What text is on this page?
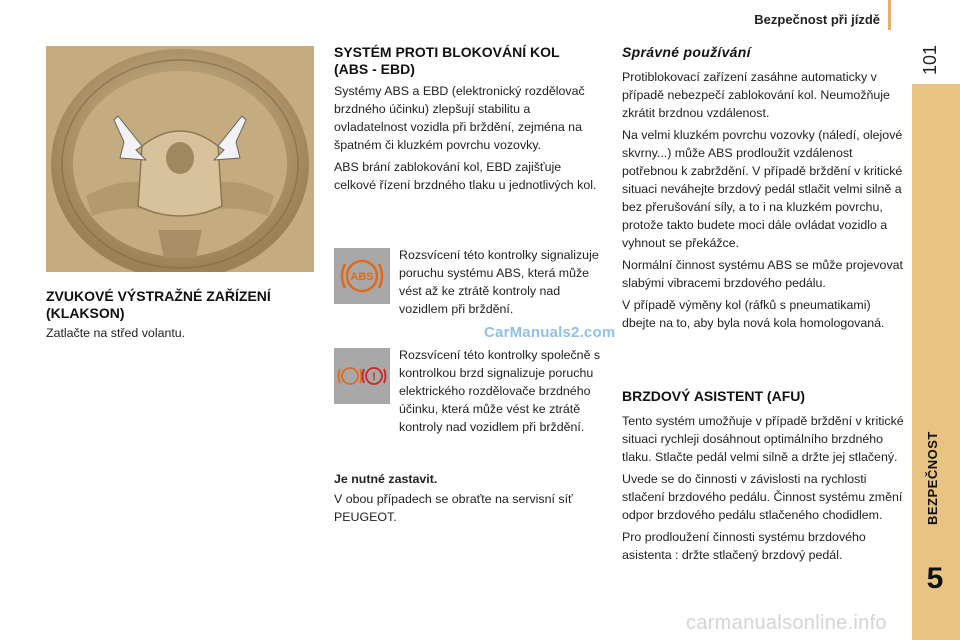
Bezpečnost při jízdě
101
BEZPEČNOST
5
ZVUKOVÉ VÝSTRAŽNÉ ZAŘÍZENÍ (KLAKSON)
Zatlačte na střed volantu.
SYSTÉM PROTI BLOKOVÁNÍ KOL (ABS - EBD)

Systémy ABS a EBD (elektronický rozdělovač brzdného účinku) zlepšují stabilitu a ovladatelnost vozidla při brždění, zejména na špatném či kluzkém povrchu vozovky.

ABS brání zablokování kol, EBD zajišťuje celkové řízení brzdného tlaku u jednotlivých kol.

ABS
Rozsvícení této kontrolky signalizuje poruchu systému ABS, která může vést až ke ztrátě kontroly nad vozidlem při brždění.
CarManuals2.com
!
Rozsvícení této kontrolky společně s kontrolkou brzd signalizuje poruchu elektrického rozdělovače brzdného účinku, která může vést ke ztrátě kontroly nad vozidlem při brždění.
Je nutné zastavit.
V obou případech se obraťte na servisní síť PEUGEOT.
Správné používání

Protiblokovací zařízení zasáhne automaticky v případě nebezpečí zablokování kol. Neumožňuje zkrátit brzdnou vzdálenost.

Na velmi kluzkém povrchu vozovky (náledí, olejové skvrny...) může ABS prodloužit vzdálenost potřebnou k zabrždění. V případě brždění v kritické situaci neváhejte brzdový pedál stlačit velmi silně a bez přerušování síly, a to i na kluzkém povrchu, protože takto budete moci dále ovládat vozidlo a vyhnout se překážce.

Normální činnost systému ABS se může projevovat slabými vibracemi brzdového pedálu.

V případě výměny kol (ráfků s pneumatikami) dbejte na to, aby byla nová kola homologovaná.

BRZDOVÝ ASISTENT (AFU)

Tento systém umožňuje v případě brždění v kritické situaci rychleji dosáhnout optimálního brzdného tlaku. Stlačte pedál velmi silně a držte jej stlačený.

Uvede se do činnosti v závislosti na rychlosti stlačení brzdového pedálu. Činnost systému změní odpor brzdového pedálu stlačeného chodidlem.

Pro prodloužení činnosti systému brzdového asistenta : držte stlačený brzdový pedál.

carmanualsonline.info
